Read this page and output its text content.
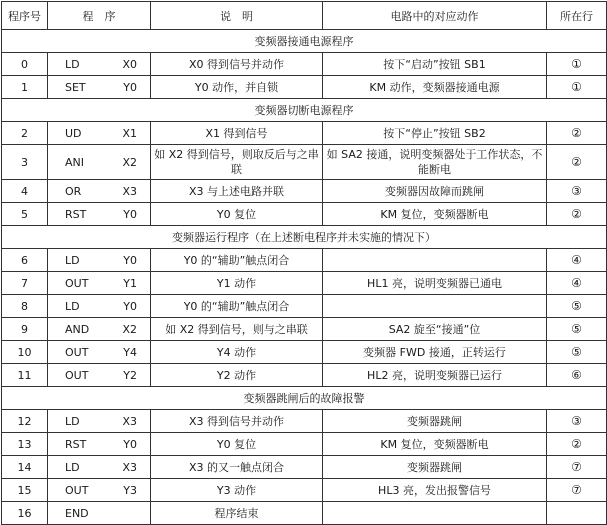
程序号	程　序	说　明	电路中的对应动作	所在行
变频器接通电源程序				
0	LD X0	X0 得到信号并动作	按下“启动”按钮 SB1	①
1	SET Y0	Y0 动作，并自锁	KM 动作，变频器接通电源	①
变频器切断电源程序				
2	UD X1	X1 得到信号	按下“停止”按钮 SB2	②
3	ANI X2	如 X2 得到信号，则取反后与之串联	如 SA2 接通，说明变频器处于工作状态，不能断电	②
4	OR X3	X3 与上述电路并联	变频器因故障而跳闸	③
5	RST Y0	Y0 复位	KM 复位，变频器断电	②
变频器运行程序（在上述断电程序并未实施的情况下）				
6	LD Y0	Y0 的“辅助”触点闭合		④
7	OUT Y1	Y1 动作	HL1 亮，说明变频器已通电	④
8	LD Y0	Y0 的“辅助”触点闭合		⑤
9	AND X2	如 X2 得到信号，则与之串联	SA2 旋至“接通”位	⑤
10	OUT Y4	Y4 动作	变频器 FWD 接通，正转运行	⑤
11	OUT Y2	Y2 动作	HL2 亮，说明变频器已运行	⑥
变频器跳闸后的故障报警				
12	LD X3	X3 得到信号并动作	变频器跳闸	③
13	RST Y0	Y0 复位	KM 复位，变频器断电	②
14	LD X3	X3 的又一触点闭合	变频器跳闸	⑦
15	OUT Y3	Y3 动作	HL3 亮，发出报警信号	⑦
16	END	程序结束		
